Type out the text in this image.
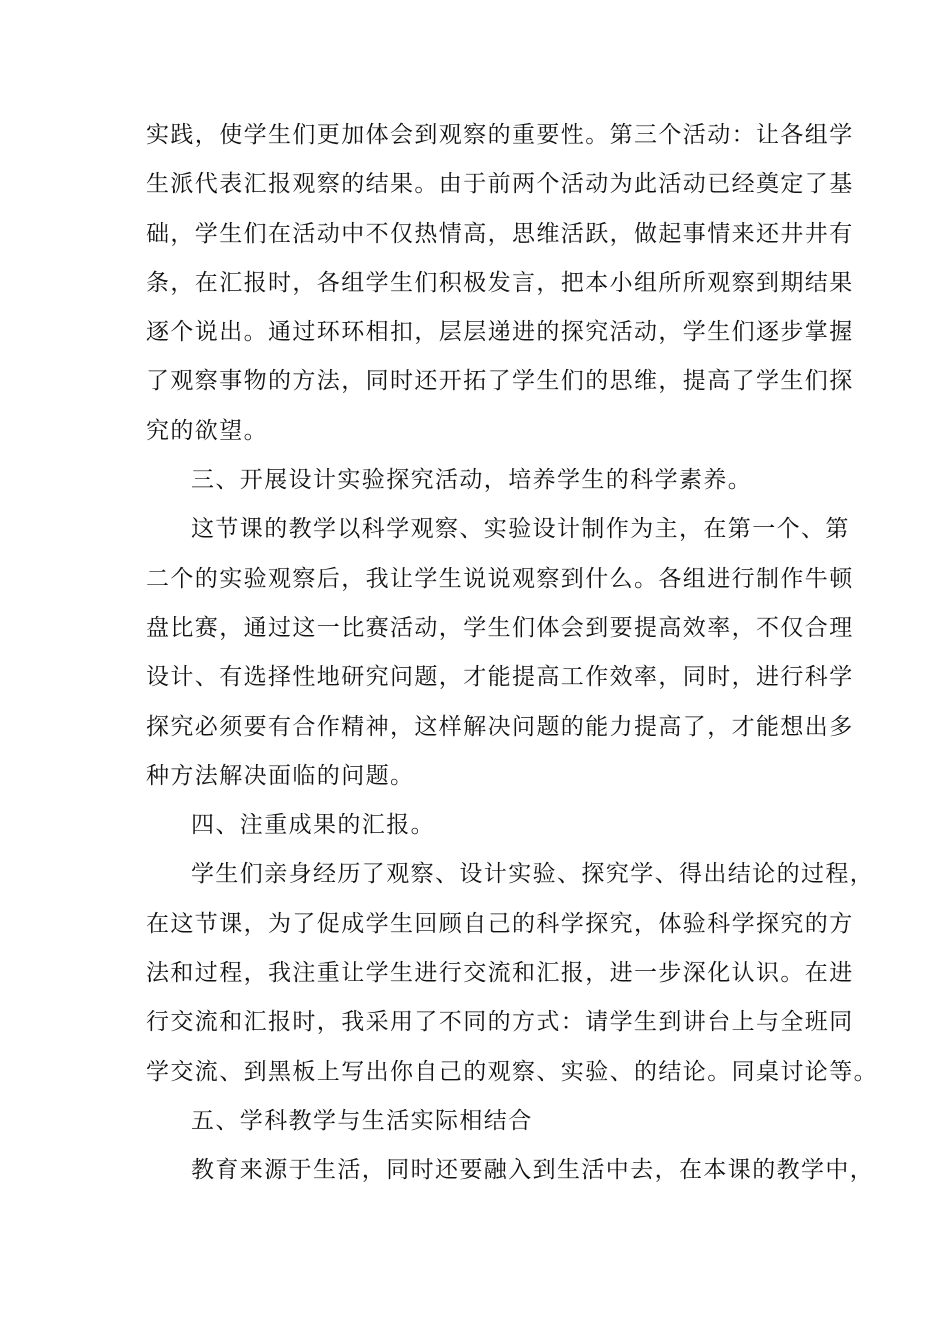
实践，使学生们更加体会到观察的重要性。第三个活动：让各组学
生派代表汇报观察的结果。由于前两个活动为此活动已经奠定了基
础，学生们在活动中不仅热情高，思维活跃，做起事情来还井井有
条，在汇报时，各组学生们积极发言，把本小组所所观察到期结果
逐个说出。通过环环相扣，层层递进的探究活动，学生们逐步掌握
了观察事物的方法，同时还开拓了学生们的思维，提高了学生们探
究的欲望。
三、开展设计实验探究活动，培养学生的科学素养。
这节课的教学以科学观察、实验设计制作为主，在第一个、第
二个的实验观察后，我让学生说说观察到什么。各组进行制作牛顿
盘比赛，通过这一比赛活动，学生们体会到要提高效率，不仅合理
设计、有选择性地研究问题，才能提高工作效率，同时，进行科学
探究必须要有合作精神，这样解决问题的能力提高了，才能想出多
种方法解决面临的问题。
四、注重成果的汇报。
学生们亲身经历了观察、设计实验、探究学、得出结论的过程，
在这节课，为了促成学生回顾自己的科学探究，体验科学探究的方
法和过程，我注重让学生进行交流和汇报，进一步深化认识。在进
行交流和汇报时，我采用了不同的方式：请学生到讲台上与全班同
学交流、到黑板上写出你自己的观察、实验、的结论。同桌讨论等。
五、学科教学与生活实际相结合
教育来源于生活，同时还要融入到生活中去，在本课的教学中，
